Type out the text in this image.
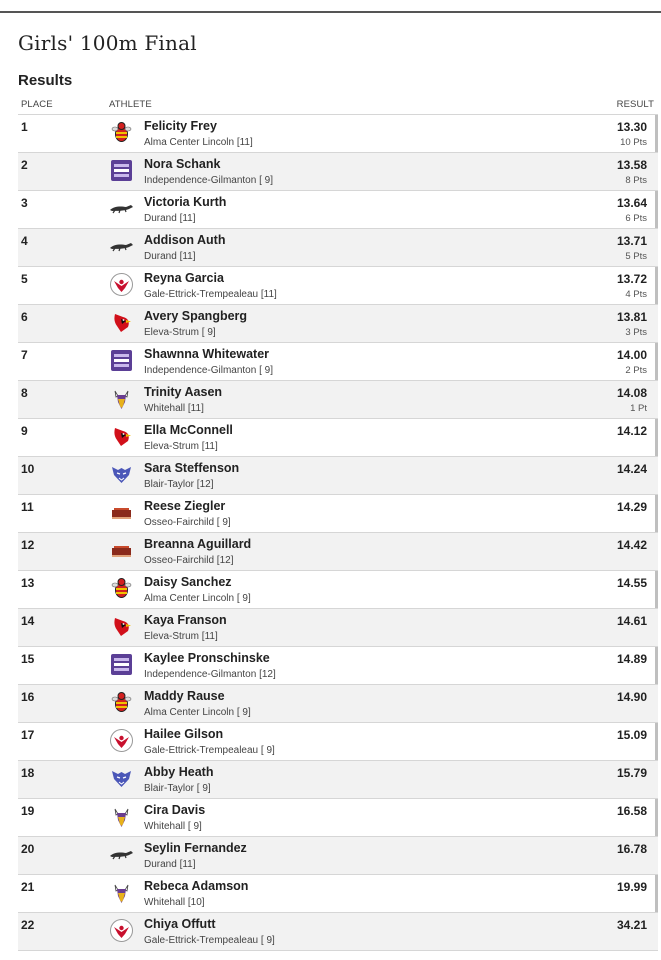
Girls' 100m Final
Results
PLACE	ATHLETE	RESULT
1	Felicity Frey
Alma Center Lincoln [11]
13.30
10 Pts
2	Nora Schank
Independence-Gilmanton [ 9]
13.58
8 Pts
3	Victoria Kurth
Durand [11]
13.64
6 Pts
4	Addison Auth
Durand [11]
13.71
5 Pts
5	Reyna Garcia
Gale-Ettrick-Trempealeau [11]
13.72
4 Pts
6	Avery Spangberg
Eleva-Strum [ 9]
13.81
3 Pts
7	Shawnna Whitewater
Independence-Gilmanton [ 9]
14.00
2 Pts
8	Trinity Aasen
Whitehall [11]
14.08
1 Pt
9	Ella McConnell
Eleva-Strum [11]
14.12
10	Sara Steffenson
Blair-Taylor [12]
14.24
11	Reese Ziegler
Osseo-Fairchild [ 9]
14.29
12	Breanna Aguillard
Osseo-Fairchild [12]
14.42
13	Daisy Sanchez
Alma Center Lincoln [ 9]
14.55
14	Kaya Franson
Eleva-Strum [11]
14.61
15	Kaylee Pronschinske
Independence-Gilmanton [12]
14.89
16	Maddy Rause
Alma Center Lincoln [ 9]
14.90
17	Hailee Gilson
Gale-Ettrick-Trempealeau [ 9]
15.09
18	Abby Heath
Blair-Taylor [ 9]
15.79
19	Cira Davis
Whitehall [ 9]
16.58
20	Seylin Fernandez
Durand [11]
16.78
21	Rebeca Adamson
Whitehall [10]
19.99
22	Chiya Offutt
Gale-Ettrick-Trempealeau [ 9]
34.21
